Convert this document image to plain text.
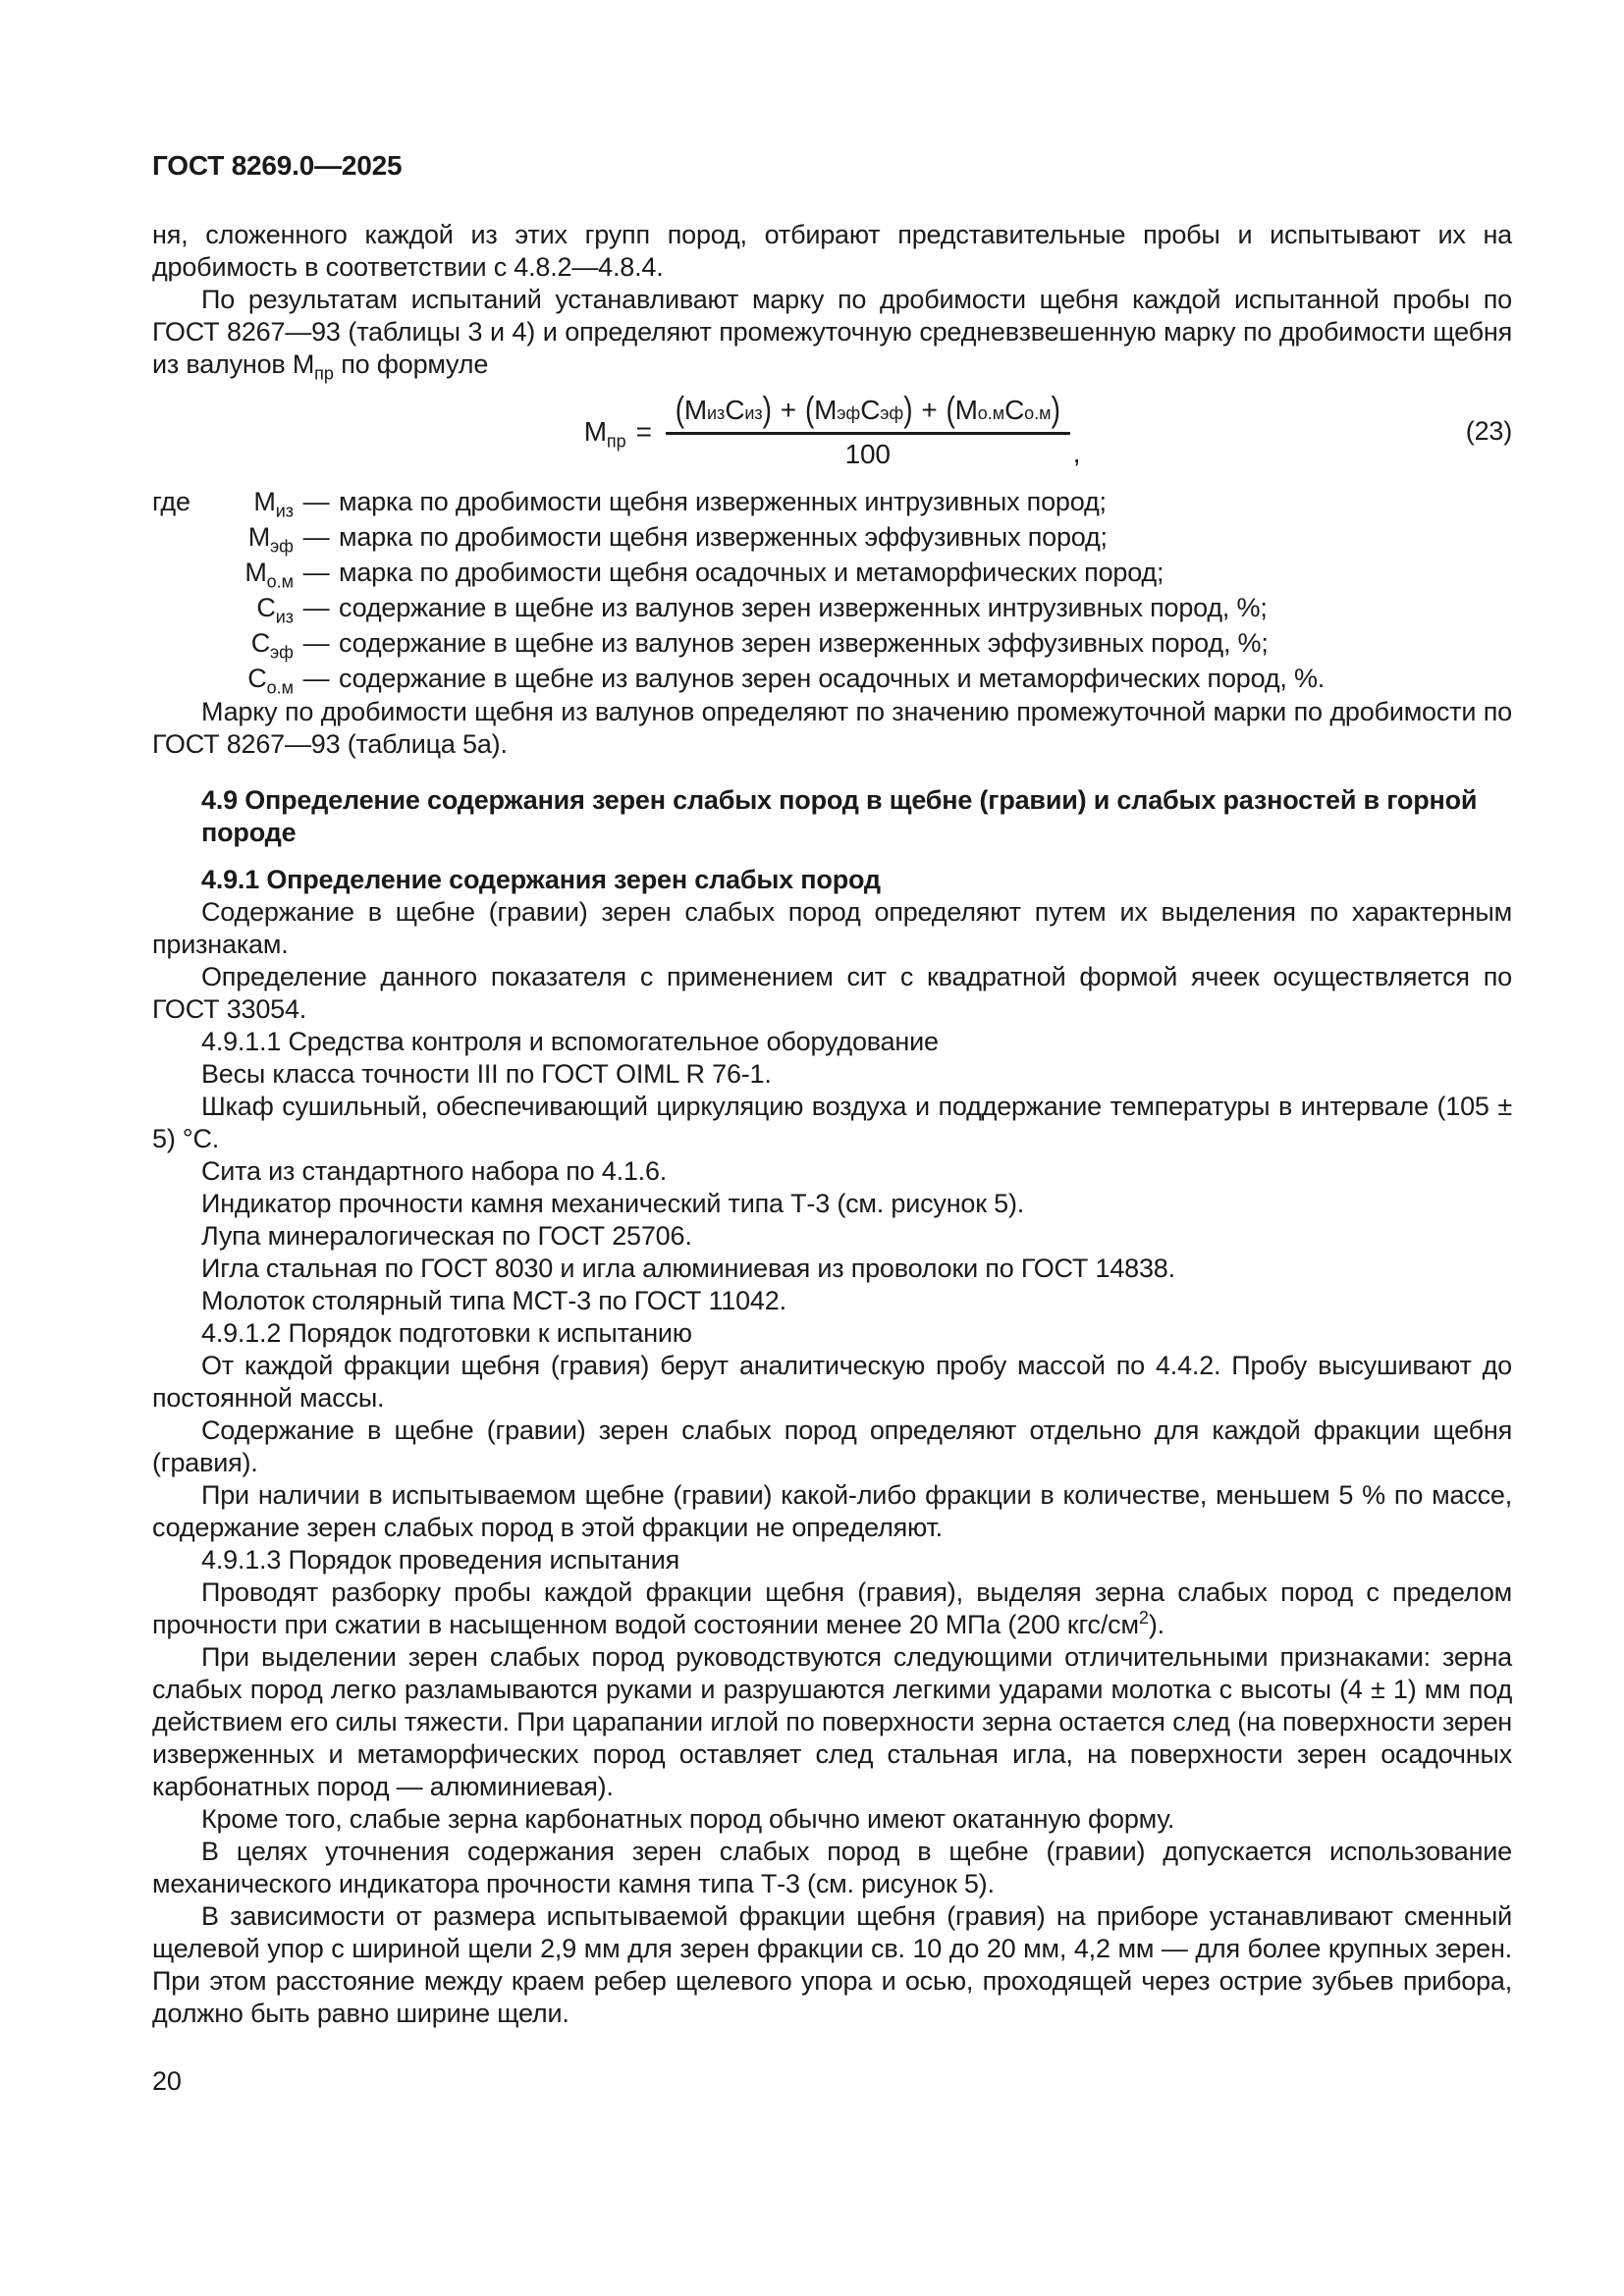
ГОСТ 8269.0—2025

ня, сложенного каждой из этих групп пород, отбирают представительные пробы и испытывают их на дробимость в соответствии с 4.8.2—4.8.4.

По результатам испытаний устанавливают марку по дробимости щебня каждой испытанной пробы по ГОСТ 8267—93 (таблицы 3 и 4) и определяют промежуточную средневзвешенную марку по дробимости щебня из валунов $М_{пр}$ по формуле

$М_{пр}$ =
( М из С из ) + ( М эф С эф ) + ( М о.м С о.м )
100	,
(23)
где	$М_{из}$ — марка по дробимости щебня изверженных интрузивных пород;
$М_{эф}$ — марка по дробимости щебня изверженных эффузивных пород;
$М_{о.м}$ — марка по дробимости щебня осадочных и метаморфических пород;
$С_{из}$ — содержание в щебне из валунов зерен изверженных интрузивных пород, %;
$С_{эф}$ — содержание в щебне из валунов зерен изверженных эффузивных пород, %;
$С_{о.м}$ — содержание в щебне из валунов зерен осадочных и метаморфических пород, %.

Марку по дробимости щебня из валунов определяют по значению промежуточной марки по дробимости по ГОСТ 8267—93 (таблица 5а).

4.9 Определение содержания зерен слабых пород в щебне (гравии) и слабых разностей в горной породе
4.9.1 Определение содержания зерен слабых пород

Содержание в щебне (гравии) зерен слабых пород определяют путем их выделения по характерным признакам.

Определение данного показателя с применением сит с квадратной формой ячеек осуществляется по ГОСТ 33054.

4.9.1.1 Средства контроля и вспомогательное оборудование

Весы класса точности III по ГОСТ OIML R 76-1.

Шкаф сушильный, обеспечивающий циркуляцию воздуха и поддержание температуры в интервале (105 ± 5) °С.

Сита из стандартного набора по 4.1.6.

Индикатор прочности камня механический типа Т-3 (см. рисунок 5).

Лупа минералогическая по ГОСТ 25706.

Игла стальная по ГОСТ 8030 и игла алюминиевая из проволоки по ГОСТ 14838.

Молоток столярный типа МСТ-3 по ГОСТ 11042.

4.9.1.2 Порядок подготовки к испытанию

От каждой фракции щебня (гравия) берут аналитическую пробу массой по 4.4.2. Пробу высушивают до постоянной массы.

Содержание в щебне (гравии) зерен слабых пород определяют отдельно для каждой фракции щебня (гравия).

При наличии в испытываемом щебне (гравии) какой-либо фракции в количестве, меньшем 5 % по массе, содержание зерен слабых пород в этой фракции не определяют.

4.9.1.3 Порядок проведения испытания

Проводят разборку пробы каждой фракции щебня (гравия), выделяя зерна слабых пород с пределом прочности при сжатии в насыщенном водой состоянии менее 20 МПа (200 кгс/$см^2$).

При выделении зерен слабых пород руководствуются следующими отличительными признаками: зерна слабых пород легко разламываются руками и разрушаются легкими ударами молотка с высоты (4 ± 1) мм под действием его силы тяжести. При царапании иглой по поверхности зерна остается след (на поверхности зерен изверженных и метаморфических пород оставляет след стальная игла, на поверхности зерен осадочных карбонатных пород — алюминиевая).

Кроме того, слабые зерна карбонатных пород обычно имеют окатанную форму.

В целях уточнения содержания зерен слабых пород в щебне (гравии) допускается использование механического индикатора прочности камня типа Т-3 (см. рисунок 5).

В зависимости от размера испытываемой фракции щебня (гравия) на приборе устанавливают сменный щелевой упор с шириной щели 2,9 мм для зерен фракции св. 10 до 20 мм, 4,2 мм — для более крупных зерен. При этом расстояние между краем ребер щелевого упора и осью, проходящей через острие зубьев прибора, должно быть равно ширине щели.

20
